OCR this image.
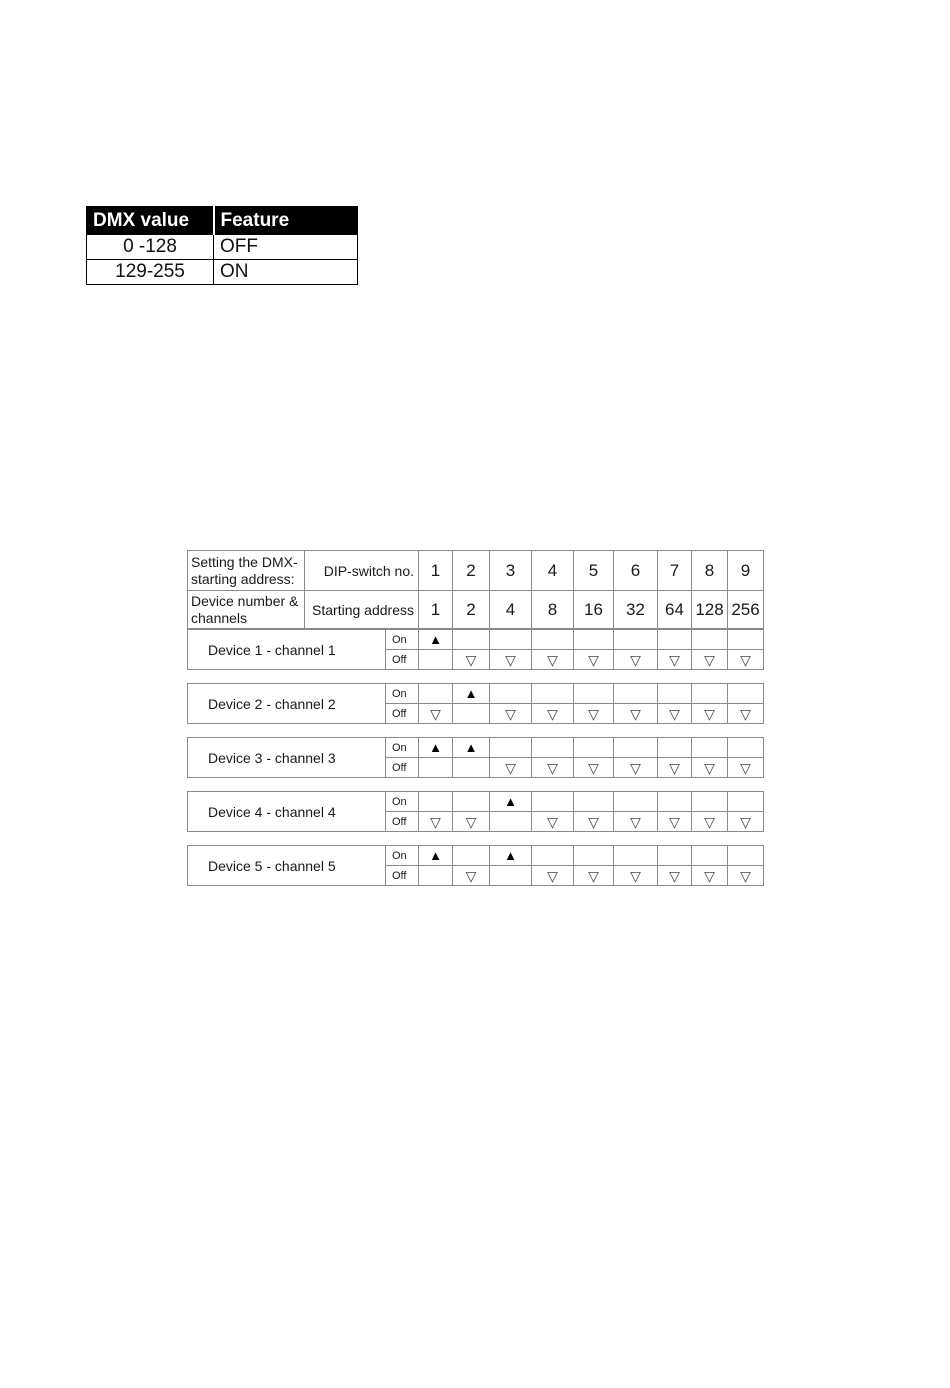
DMX value	Feature
0 -128	OFF
129-255	ON
Setting the DMX-starting address:	DIP-switch no.	1	2	3	4	5	6	7	8	9
Device number & channels	Starting address	1	2	4	8	16	32	64	128	256
Device 1 - channel 1	On	▲								
	Off		▽	▽	▽	▽	▽	▽	▽	▽
Device 2 - channel 2	On		▲							
	Off	▽		▽	▽	▽	▽	▽	▽	▽
Device 3 - channel 3	On	▲	▲							
	Off			▽	▽	▽	▽	▽	▽	▽
Device 4 - channel 4	On			▲						
	Off	▽	▽		▽	▽	▽	▽	▽	▽
Device 5 - channel 5	On	▲		▲						
	Off		▽		▽	▽	▽	▽	▽	▽
